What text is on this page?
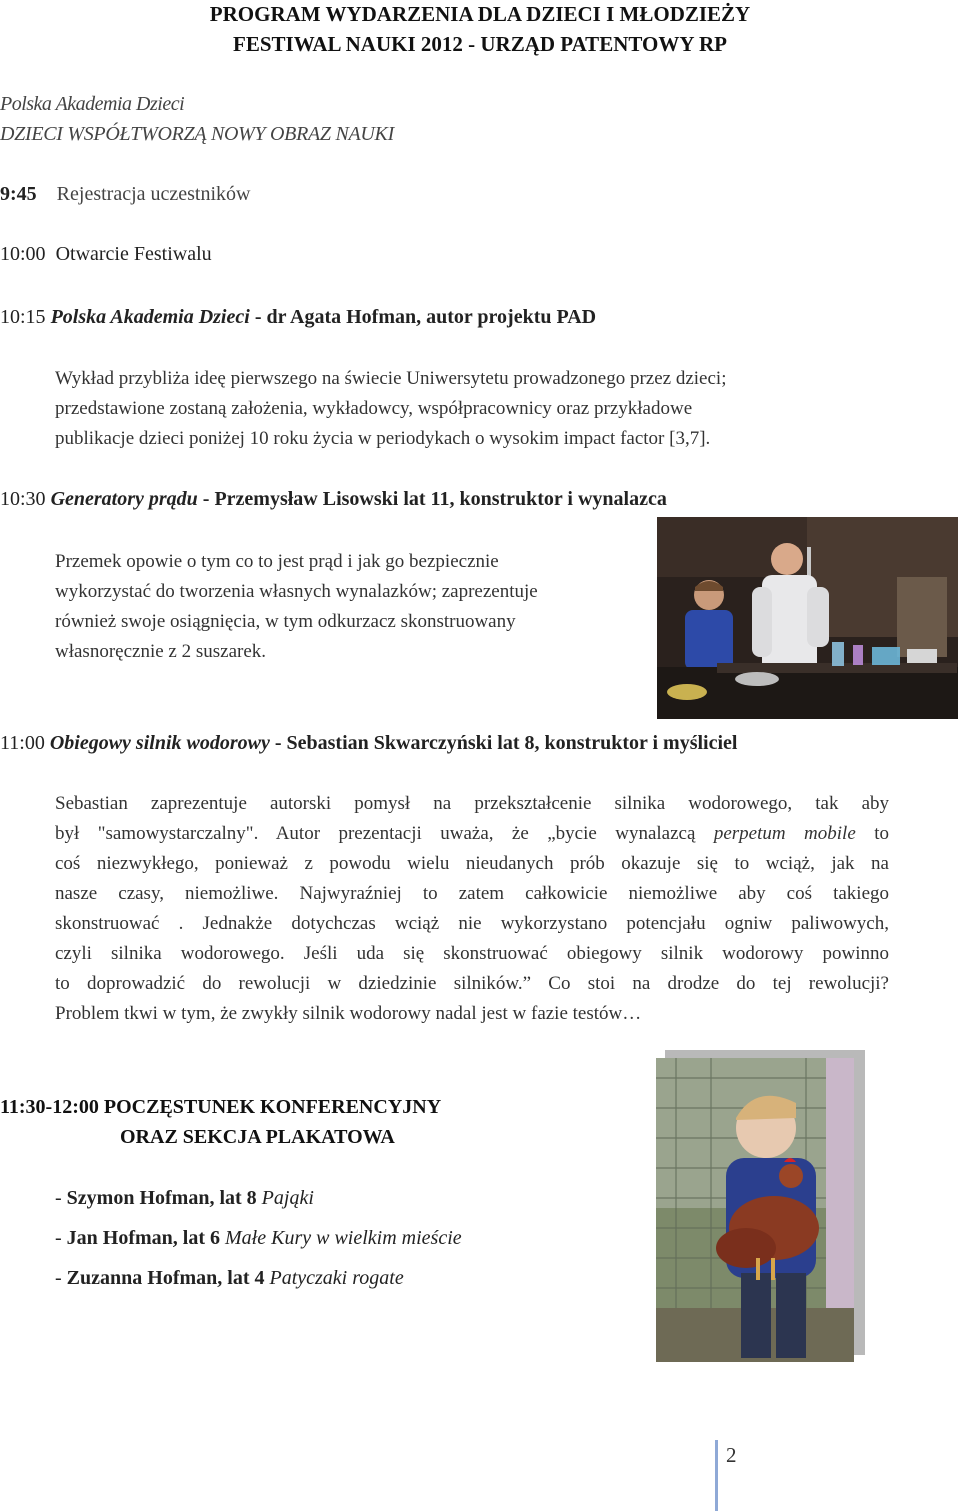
PROGRAM WYDARZENIA DLA DZIECI I MŁODZIEŻY
FESTIWAL NAUKI 2012 - URZĄD PATENTOWY RP
Polska Akademia Dzieci
DZIECI WSPÓŁTWORZĄ NOWY OBRAZ NAUKI
9:45 Rejestracja uczestników
10:00 Otwarcie Festiwalu
10:15 Polska Akademia Dzieci - dr Agata Hofman, autor projektu PAD
Wykład przybliża ideę pierwszego na świecie Uniwersytetu prowadzonego przez dzieci;
przedstawione zostaną założenia, wykładowcy, współpracownicy oraz przykładowe
publikacje dzieci poniżej 10 roku życia w periodykach o wysokim impact factor [3,7].
10:30 Generatory prądu - Przemysław Lisowski lat 11, konstruktor i wynalazca
Przemek opowie o tym co to jest prąd i jak go bezpiecznie
wykorzystać do tworzenia własnych wynalazków; zaprezentuje
również swoje osiągnięcia, w tym odkurzacz skonstruowany
własnoręcznie z 2 suszarek.
11:00 Obiegowy silnik wodorowy - Sebastian Skwarczyński lat 8, konstruktor i myśliciel
Sebastian zaprezentuje autorski pomysł na przekształcenie silnika wodorowego, tak aby
był "samowystarczalny". Autor prezentacji uważa, że „bycie wynalazcą perpetum mobile to
coś niezwykłego, ponieważ z powodu wielu nieudanych prób okazuje się to wciąż, jak na
nasze czasy, niemożliwe. Najwyraźniej to zatem całkowicie niemożliwe aby coś takiego
skonstruować . Jednakże dotychczas wciąż nie wykorzystano potencjału ogniw paliwowych,
czyli silnika wodorowego. Jeśli uda się skonstruować obiegowy silnik wodorowy powinno
to doprowadzić do rewolucji w dziedzinie silników.” Co stoi na drodze do tej rewolucji?
Problem tkwi w tym, że zwykły silnik wodorowy nadal jest w fazie testów…
11:30-12:00 POCZĘSTUNEK KONFERENCYJNY
ORAZ SEKCJA PLAKATOWA
- Szymon Hofman, lat 8 Pająki
- Jan Hofman, lat 6 Małe Kury w wielkim mieście
- Zuzanna Hofman, lat 4 Patyczaki rogate
2
